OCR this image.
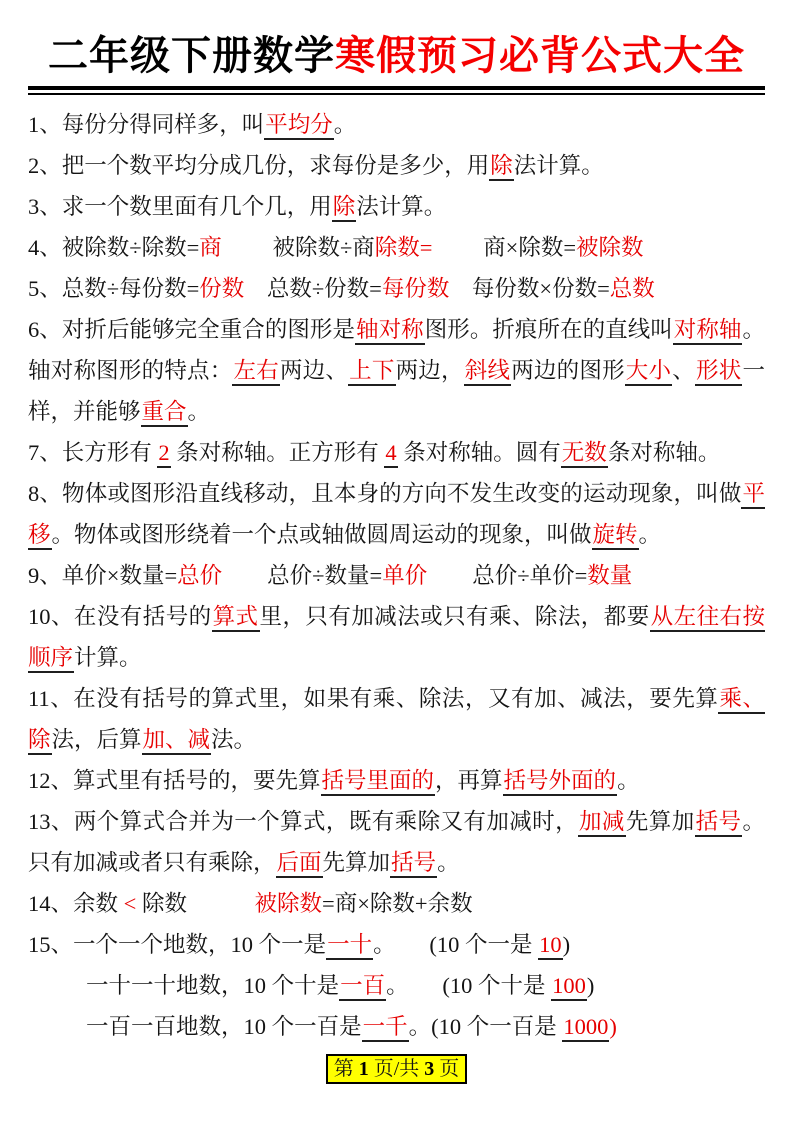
二年级下册数学寒假预习必背公式大全

1、每份分得同样多，叫平均分。

2、把一个数平均分成几份，求每份是多少，用除法计算。

3、求一个数里面有几个几，用除法计算。

4、被除数÷除数=商　　 被除数÷商除数=　　 商×除数=被除数

5、总数÷每份数=份数　总数÷份数=每份数　每份数×份数=总数

6、对折后能够完全重合的图形是轴对称图形。折痕所在的直线叫对称轴。轴对称图形的特点：左右两边、上下两边，斜线两边的图形大小、形状一样，并能够重合。

7、长方形有 2 条对称轴。正方形有 4 条对称轴。圆有无数条对称轴。

8、物体或图形沿直线移动，且本身的方向不发生改变的运动现象，叫做平移。物体或图形绕着一个点或轴做圆周运动的现象，叫做旋转。

9、单价×数量=总价　　总价÷数量=单价　　总价÷单价=数量

10、在没有括号的算式里，只有加减法或只有乘、除法，都要从左往右按顺序计算。

11、在没有括号的算式里，如果有乘、除法，又有加、减法，要先算乘、除法，后算加、减法。

12、算式里有括号的，要先算括号里面的，再算括号外面的。

13、两个算式合并为一个算式，既有乘除又有加减时，加减先算加括号。只有加减或者只有乘除，后面先算加括号。

14、余数 < 除数　　　	被除数=商×除数+余数

15、一个一个地数，10 个一是一十。　　(10 个一是 10)

一十一十地数，10 个十是一百。　　(10 个十是 100)

一百一百地数，10 个一百是一千。(10 个一百是 1000)

第 1 页/共 3 页
